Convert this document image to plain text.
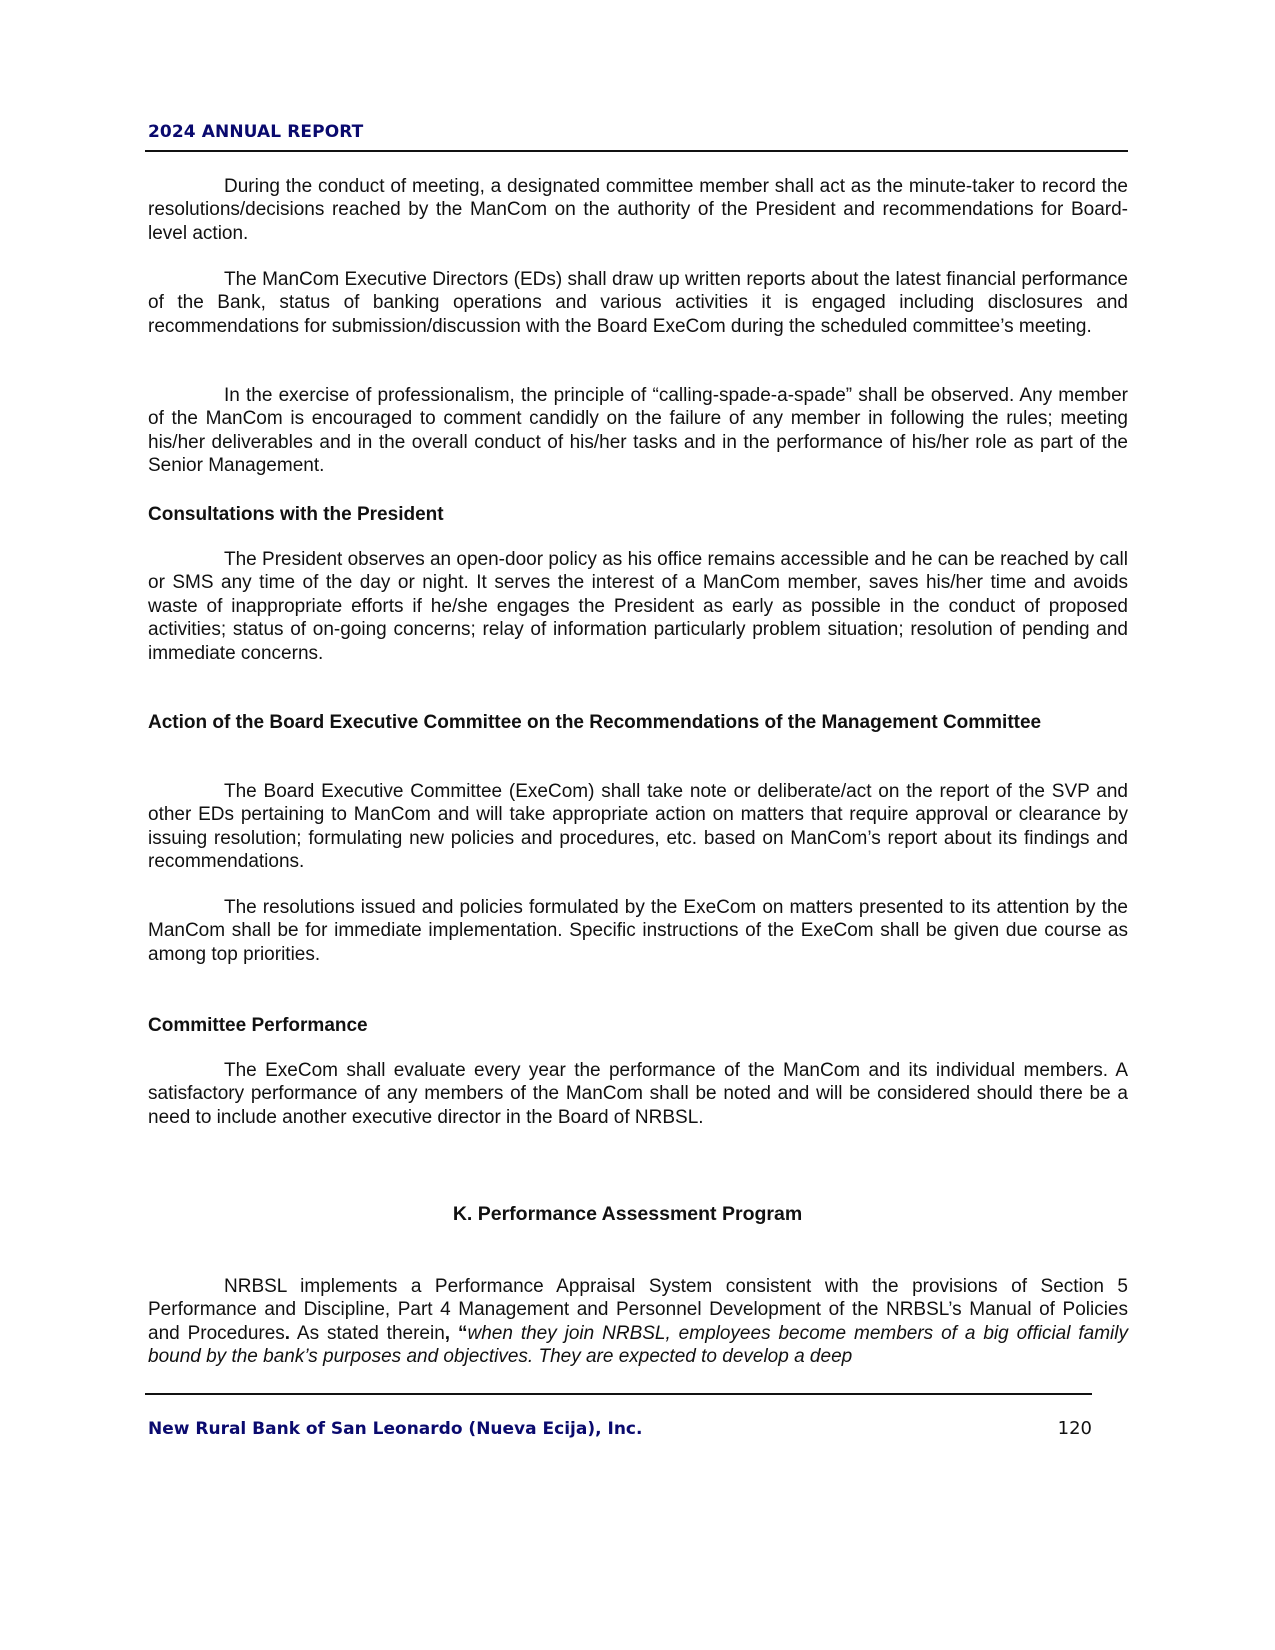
2024 ANNUAL REPORT

During the conduct of meeting, a designated committee member shall act as the minute-taker to record the resolutions/decisions reached by the ManCom on the authority of the President and recommendations for Board-level action.

The ManCom Executive Directors (EDs) shall draw up written reports about the latest financial performance of the Bank, status of banking operations and various activities it is engaged including disclosures and recommendations for submission/discussion with the Board ExeCom during the scheduled committee’s meeting.

In the exercise of professionalism, the principle of “calling-spade-a-spade” shall be observed. Any member of the ManCom is encouraged to comment candidly on the failure of any member in following the rules; meeting his/her deliverables and in the overall conduct of his/her tasks and in the performance of his/her role as part of the Senior Management.

Consultations with the President

The President observes an open-door policy as his office remains accessible and he can be reached by call or SMS any time of the day or night. It serves the interest of a ManCom member, saves his/her time and avoids waste of inappropriate efforts if he/she engages the President as early as possible in the conduct of proposed activities; status of on-going concerns; relay of information particularly problem situation; resolution of pending and immediate concerns.

Action of the Board Executive Committee on the Recommendations of the Management Committee

The Board Executive Committee (ExeCom) shall take note or deliberate/act on the report of the SVP and other EDs pertaining to ManCom and will take appropriate action on matters that require approval or clearance by issuing resolution; formulating new policies and procedures, etc. based on ManCom’s report about its findings and recommendations.

The resolutions issued and policies formulated by the ExeCom on matters presented to its attention by the ManCom shall be for immediate implementation. Specific instructions of the ExeCom shall be given due course as among top priorities.

Committee Performance

The ExeCom shall evaluate every year the performance of the ManCom and its individual members. A satisfactory performance of any members of the ManCom shall be noted and will be considered should there be a need to include another executive director in the Board of NRBSL.

K. Performance Assessment Program

NRBSL implements a Performance Appraisal System consistent with the provisions of Section 5 Performance and Discipline, Part 4 Management and Personnel Development of the NRBSL’s Manual of Policies and Procedures. As stated therein, “when they join NRBSL, employees become members of a big official family bound by the bank’s purposes and objectives. They are expected to develop a deep

New Rural Bank of San Leonardo (Nueva Ecija), Inc.	120
